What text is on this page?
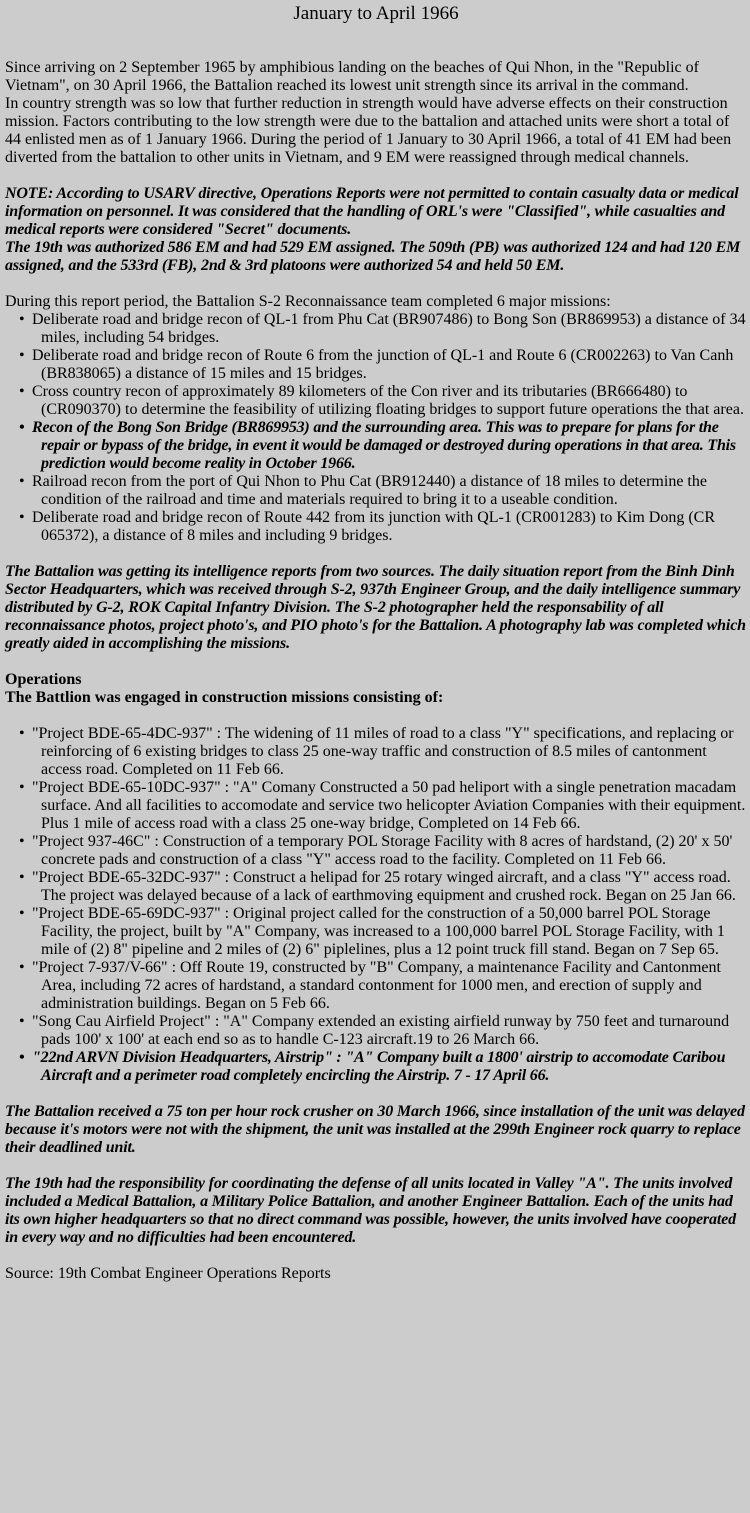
January to April 1966

Since arriving on 2 September 1965 by amphibious landing on the beaches of Qui Nhon, in the "Republic of Vietnam", on 30 April 1966, the Battalion reached its lowest unit strength since its arrival in the command.
In country strength was so low that further reduction in strength would have adverse effects on their construction mission. Factors contributing to the low strength were due to the battalion and attached units were short a total of 44 enlisted men as of 1 January 1966. During the period of 1 January to 30 April 1966, a total of 41 EM had been diverted from the battalion to other units in Vietnam, and 9 EM were reassigned through medical channels.

NOTE: According to USARV directive, Operations Reports were not permitted to contain casualty data or medical information on personnel. It was considered that the handling of ORL's were "Classified", while casualties and medical reports were considered "Secret" documents.
The 19th was authorized 586 EM and had 529 EM assigned. The 509th (PB) was authorized 124 and had 120 EM assigned, and the 533rd (FB), 2nd & 3rd platoons were authorized 54 and held 50 EM.

During this report period, the Battalion S-2 Reconnaissance team completed 6 major missions:

• Deliberate road and bridge recon of QL-1 from Phu Cat (BR907486) to Bong Son (BR869953) a distance of 34 miles, including 54 bridges.
• Deliberate road and bridge recon of Route 6 from the junction of QL-1 and Route 6 (CR002263) to Van Canh (BR838065) a distance of 15 miles and 15 bridges.
• Cross country recon of approximately 89 kilometers of the Con river and its tributaries (BR666480) to (CR090370) to determine the feasibility of utilizing floating bridges to support future operations the that area.
• Recon of the Bong Son Bridge (BR869953) and the surrounding area. This was to prepare for plans for the repair or bypass of the bridge, in event it would be damaged or destroyed during operations in that area. This prediction would become reality in October 1966.
• Railroad recon from the port of Qui Nhon to Phu Cat (BR912440) a distance of 18 miles to determine the condition of the railroad and time and materials required to bring it to a useable condition.
• Deliberate road and bridge recon of Route 442 from its junction with QL-1 (CR001283) to Kim Dong (CR 065372), a distance of 8 miles and including 9 bridges.

The Battalion was getting its intelligence reports from two sources. The daily situation report from the Binh Dinh Sector Headquarters, which was received through S-2, 937th Engineer Group, and the daily intelligence summary distributed by G-2, ROK Capital Infantry Division. The S-2 photographer held the responsability of all reconnaissance photos, project photo's, and PIO photo's for the Battalion. A photography lab was completed which greatly aided in accomplishing the missions.

Operations
The Battlion was engaged in construction missions consisting of:
• "Project BDE-65-4DC-937" : The widening of 11 miles of road to a class "Y" specifications, and replacing or reinforcing of 6 existing bridges to class 25 one-way traffic and construction of 8.5 miles of cantonment access road. Completed on 11 Feb 66.
• "Project BDE-65-10DC-937" : "A" Comany Constructed a 50 pad heliport with a single penetration macadam surface. And all facilities to accomodate and service two helicopter Aviation Companies with their equipment. Plus 1 mile of access road with a class 25 one-way bridge, Completed on 14 Feb 66.
• "Project 937-46C" : Construction of a temporary POL Storage Facility with 8 acres of hardstand, (2) 20' x 50' concrete pads and construction of a class "Y" access road to the facility. Completed on 11 Feb 66.
• "Project BDE-65-32DC-937" : Construct a helipad for 25 rotary winged aircraft, and a class "Y" access road. The project was delayed because of a lack of earthmoving equipment and crushed rock. Began on 25 Jan 66.
• "Project BDE-65-69DC-937" : Original project called for the construction of a 50,000 barrel POL Storage Facility, the project, built by "A" Company, was increased to a 100,000 barrel POL Storage Facility, with 1 mile of (2) 8" pipeline and 2 miles of (2) 6" piplelines, plus a 12 point truck fill stand. Began on 7 Sep 65.
• "Project 7-937/V-66" : Off Route 19, constructed by "B" Company, a maintenance Facility and Cantonment Area, including 72 acres of hardstand, a standard contonment for 1000 men, and erection of supply and administration buildings. Began on 5 Feb 66.
• "Song Cau Airfield Project" : "A" Company extended an existing airfield runway by 750 feet and turnaround pads 100' x 100' at each end so as to handle C-123 aircraft.19 to 26 March 66.
• "22nd ARVN Division Headquarters, Airstrip" : "A" Company built a 1800' airstrip to accomodate Caribou Aircraft and a perimeter road completely encircling the Airstrip. 7 - 17 April 66.

The Battalion received a 75 ton per hour rock crusher on 30 March 1966, since installation of the unit was delayed because it's motors were not with the shipment, the unit was installed at the 299th Engineer rock quarry to replace their deadlined unit.

The 19th had the responsibility for coordinating the defense of all units located in Valley "A". The units involved included a Medical Battalion, a Military Police Battalion, and another Engineer Battalion. Each of the units had its own higher headquarters so that no direct command was possible, however, the units involved have cooperated in every way and no difficulties had been encountered.

Source: 19th Combat Engineer Operations Reports
